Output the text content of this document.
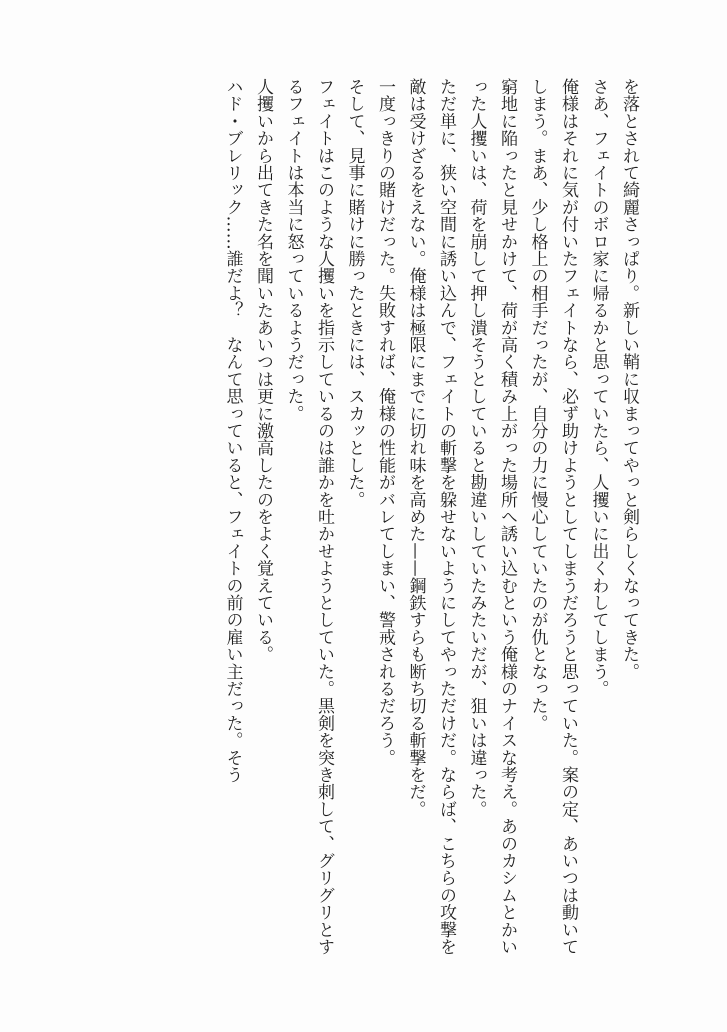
を落とされて綺麗さっぱり。新しい鞘に収まってやっと剣らしくなってきた。

さあ、フェイトのボロ家に帰るかと思っていたら、人攫いに出くわしてしまう。

俺様はそれに気が付いたフェイトなら、必ず助けようとしてしまうだろうと思っていた。案の定、あいつは動いてしまう。まあ、少し格上の相手だったが、自分の力に慢心していたのが仇となった。

窮地に陥ったと見せかけて、荷が高く積み上がった場所へ誘い込むという俺様のナイスな考え。あのカシムとかいった人攫いは、荷を崩して押し潰そうとしていると勘違いしていたみたいだが、狙いは違った。

ただ単に、狭い空間に誘い込んで、フェイトの斬撃を躱せないようにしてやっただけだ。ならば、こちらの攻撃を敵は受けざるをえない。俺様は極限にまでに切れ味を高めた——鋼鉄すらも断ち切る斬撃をだ。

一度っきりの賭けだった。失敗すれば、俺様の性能がバレてしまい、警戒されるだろう。

そして、見事に賭けに勝ったときには、スカッとした。

フェイトはこのような人攫いを指示しているのは誰かを吐かせようとしていた。黒剣を突き刺して、グリグリとするフェイトは本当に怒っているようだった。

人攫いから出てきた名を聞いたあいつは更に激高したのをよく覚えている。

ハド・ブレリック……誰だよ？　なんて思っていると、フェイトの前の雇い主だった。そう
